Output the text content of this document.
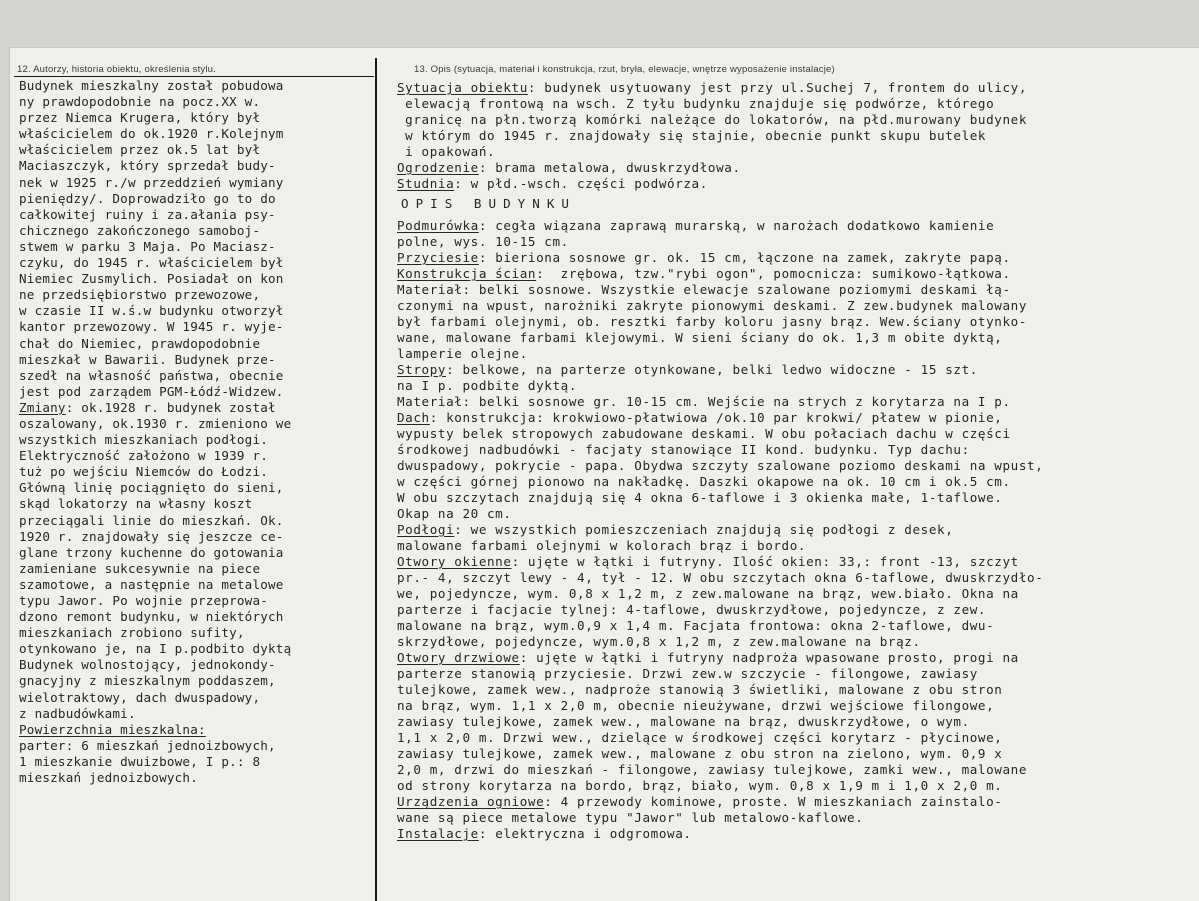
12. Autorzy, historia obiektu, określenia stylu.	13. Opis (sytuacja, materiał i konstrukcja, rzut, bryła, elewacje, wnętrze wyposażenie instalacje)
Budynek mieszkalny został pobudowa
ny prawdopodobnie na pocz.XX w.
przez Niemca Krugera, który był
właścicielem do ok.1920 r.Kolejnym
właścicielem przez ok.5 lat był
Maciaszczyk, który sprzedał budy-
nek w 1925 r./w przeddzień wymiany
pieniędzy/. Doprowadziło go to do
całkowitej ruiny i za.ałania psy-
chicznego zakończonego samoboj-
stwem w parku 3 Maja. Po Maciasz-
czyku, do 1945 r. właścicielem był
Niemiec Zusmylich. Posiadał on kon
ne przedsiębiorstwo przewozowe,
w czasie II w.ś.w budynku otworzył
kantor przewozowy. W 1945 r. wyje-
chał do Niemiec, prawdopodobnie
mieszkał w Bawarii. Budynek prze-
szedł na własność państwa, obecnie
jest pod zarządem PGM-Łódź-Widzew.
Zmiany: ok.1928 r. budynek został
oszalowany, ok.1930 r. zmieniono we
wszystkich mieszkaniach podłogi.
Elektryczność założono w 1939 r.
tuż po wejściu Niemców do Łodzi.
Główną linię pociągnięto do sieni,
skąd lokatorzy na własny koszt
przeciągali linie do mieszkań. Ok.
1920 r. znajdowały się jeszcze ce-
glane trzony kuchenne do gotowania
zamieniane sukcesywnie na piece
szamotowe, a następnie na metalowe
typu Jawor. Po wojnie przeprowa-
dzono remont budynku, w niektórych
mieszkaniach zrobiono sufity,
otynkowano je, na I p.podbito dyktą
Budynek wolnostojący, jednokondy-
gnacyjny z mieszkalnym poddaszem,
wielotraktowy, dach dwuspadowy,
z nadbudówkami.
Powierzchnia mieszkalna:
parter: 6 mieszkań jednoizbowych,
1 mieszkanie dwuizbowe, I p.: 8
mieszkań jednoizbowych.
Sytuacja obiektu: budynek usytuowany jest przy ul.Suchej 7, frontem do ulicy,
elewacją frontową na wsch. Z tyłu budynku znajduje się podwórze, którego
granicę na płn.tworzą komórki należące do lokatorów, na płd.murowany budynek
w którym do 1945 r. znajdowały się stajnie, obecnie punkt skupu butelek
i opakowań.
Ogrodzenie: brama metalowa, dwuskrzydłowa.
Studnia: w płd.-wsch. części podwórza.
OPIS BUDYNKU
Podmurówka: cegła wiązana zaprawą murarską, w narożach dodatkowo kamienie
polne, wys. 10-15 cm.
Przyciesie: bieriona sosnowe gr. ok. 15 cm, łączone na zamek, zakryte papą.
Konstrukcja ścian:  zrębowa, tzw."rybi ogon", pomocnicza: sumikowo-łątkowa.
Materiał: belki sosnowe. Wszystkie elewacje szalowane poziomymi deskami łą-
czonymi na wpust, narożniki zakryte pionowymi deskami. Z zew.budynek malowany
był farbami olejnymi, ob. resztki farby koloru jasny brąz. Wew.ściany otynko-
wane, malowane farbami klejowymi. W sieni ściany do ok. 1,3 m obite dyktą,
lamperie olejne.
Stropy: belkowe, na parterze otynkowane, belki ledwo widoczne - 15 szt.
na I p. podbite dyktą.
Materiał: belki sosnowe gr. 10-15 cm. Wejście na strych z korytarza na I p.
Dach: konstrukcja: krokwiowo-płatwiowa /ok.10 par krokwi/ płatew w pionie,
wypusty belek stropowych zabudowane deskami. W obu połaciach dachu w części
środkowej nadbudówki - facjaty stanowiące II kond. budynku. Typ dachu:
dwuspadowy, pokrycie - papa. Obydwa szczyty szalowane poziomo deskami na wpust,
w części górnej pionowo na nakładkę. Daszki okapowe na ok. 10 cm i ok.5 cm.
W obu szczytach znajdują się 4 okna 6-taflowe i 3 okienka małe, 1-taflowe.
Okap na 20 cm.
Podłogi: we wszystkich pomieszczeniach znajdują się podłogi z desek,
malowane farbami olejnymi w kolorach brąz i bordo.
Otwory okienne: ujęte w łątki i futryny. Ilość okien: 33,: front -13, szczyt
pr.- 4, szczyt lewy - 4, tył - 12. W obu szczytach okna 6-taflowe, dwuskrzydło-
we, pojedyncze, wym. 0,8 x 1,2 m, z zew.malowane na brąz, wew.biało. Okna na
parterze i facjacie tylnej: 4-taflowe, dwuskrzydłowe, pojedyncze, z zew.
malowane na brąz, wym.0,9 x 1,4 m. Facjata frontowa: okna 2-taflowe, dwu-
skrzydłowe, pojedyncze, wym.0,8 x 1,2 m, z zew.malowane na brąz.
Otwory drzwiowe: ujęte w łątki i futryny nadproża wpasowane prosto, progi na
parterze stanowią przyciesie. Drzwi zew.w szczycie - filongowe, zawiasy
tulejkowe, zamek wew., nadproże stanowią 3 świetliki, malowane z obu stron
na brąz, wym. 1,1 x 2,0 m, obecnie nieużywane, drzwi wejściowe filongowe,
zawiasy tulejkowe, zamek wew., malowane na brąz, dwuskrzydłowe, o wym.
1,1 x 2,0 m. Drzwi wew., dzielące w środkowej części korytarz - płycinowe,
zawiasy tulejkowe, zamek wew., malowane z obu stron na zielono, wym. 0,9 x
2,0 m, drzwi do mieszkań - filongowe, zawiasy tulejkowe, zamki wew., malowane
od strony korytarza na bordo, brąz, biało, wym. 0,8 x 1,9 m i 1,0 x 2,0 m.
Urządzenia ogniowe: 4 przewody kominowe, proste. W mieszkaniach zainstalo-
wane są piece metalowe typu "Jawor" lub metalowo-kaflowe.
Instalacje: elektryczna i odgromowa.
